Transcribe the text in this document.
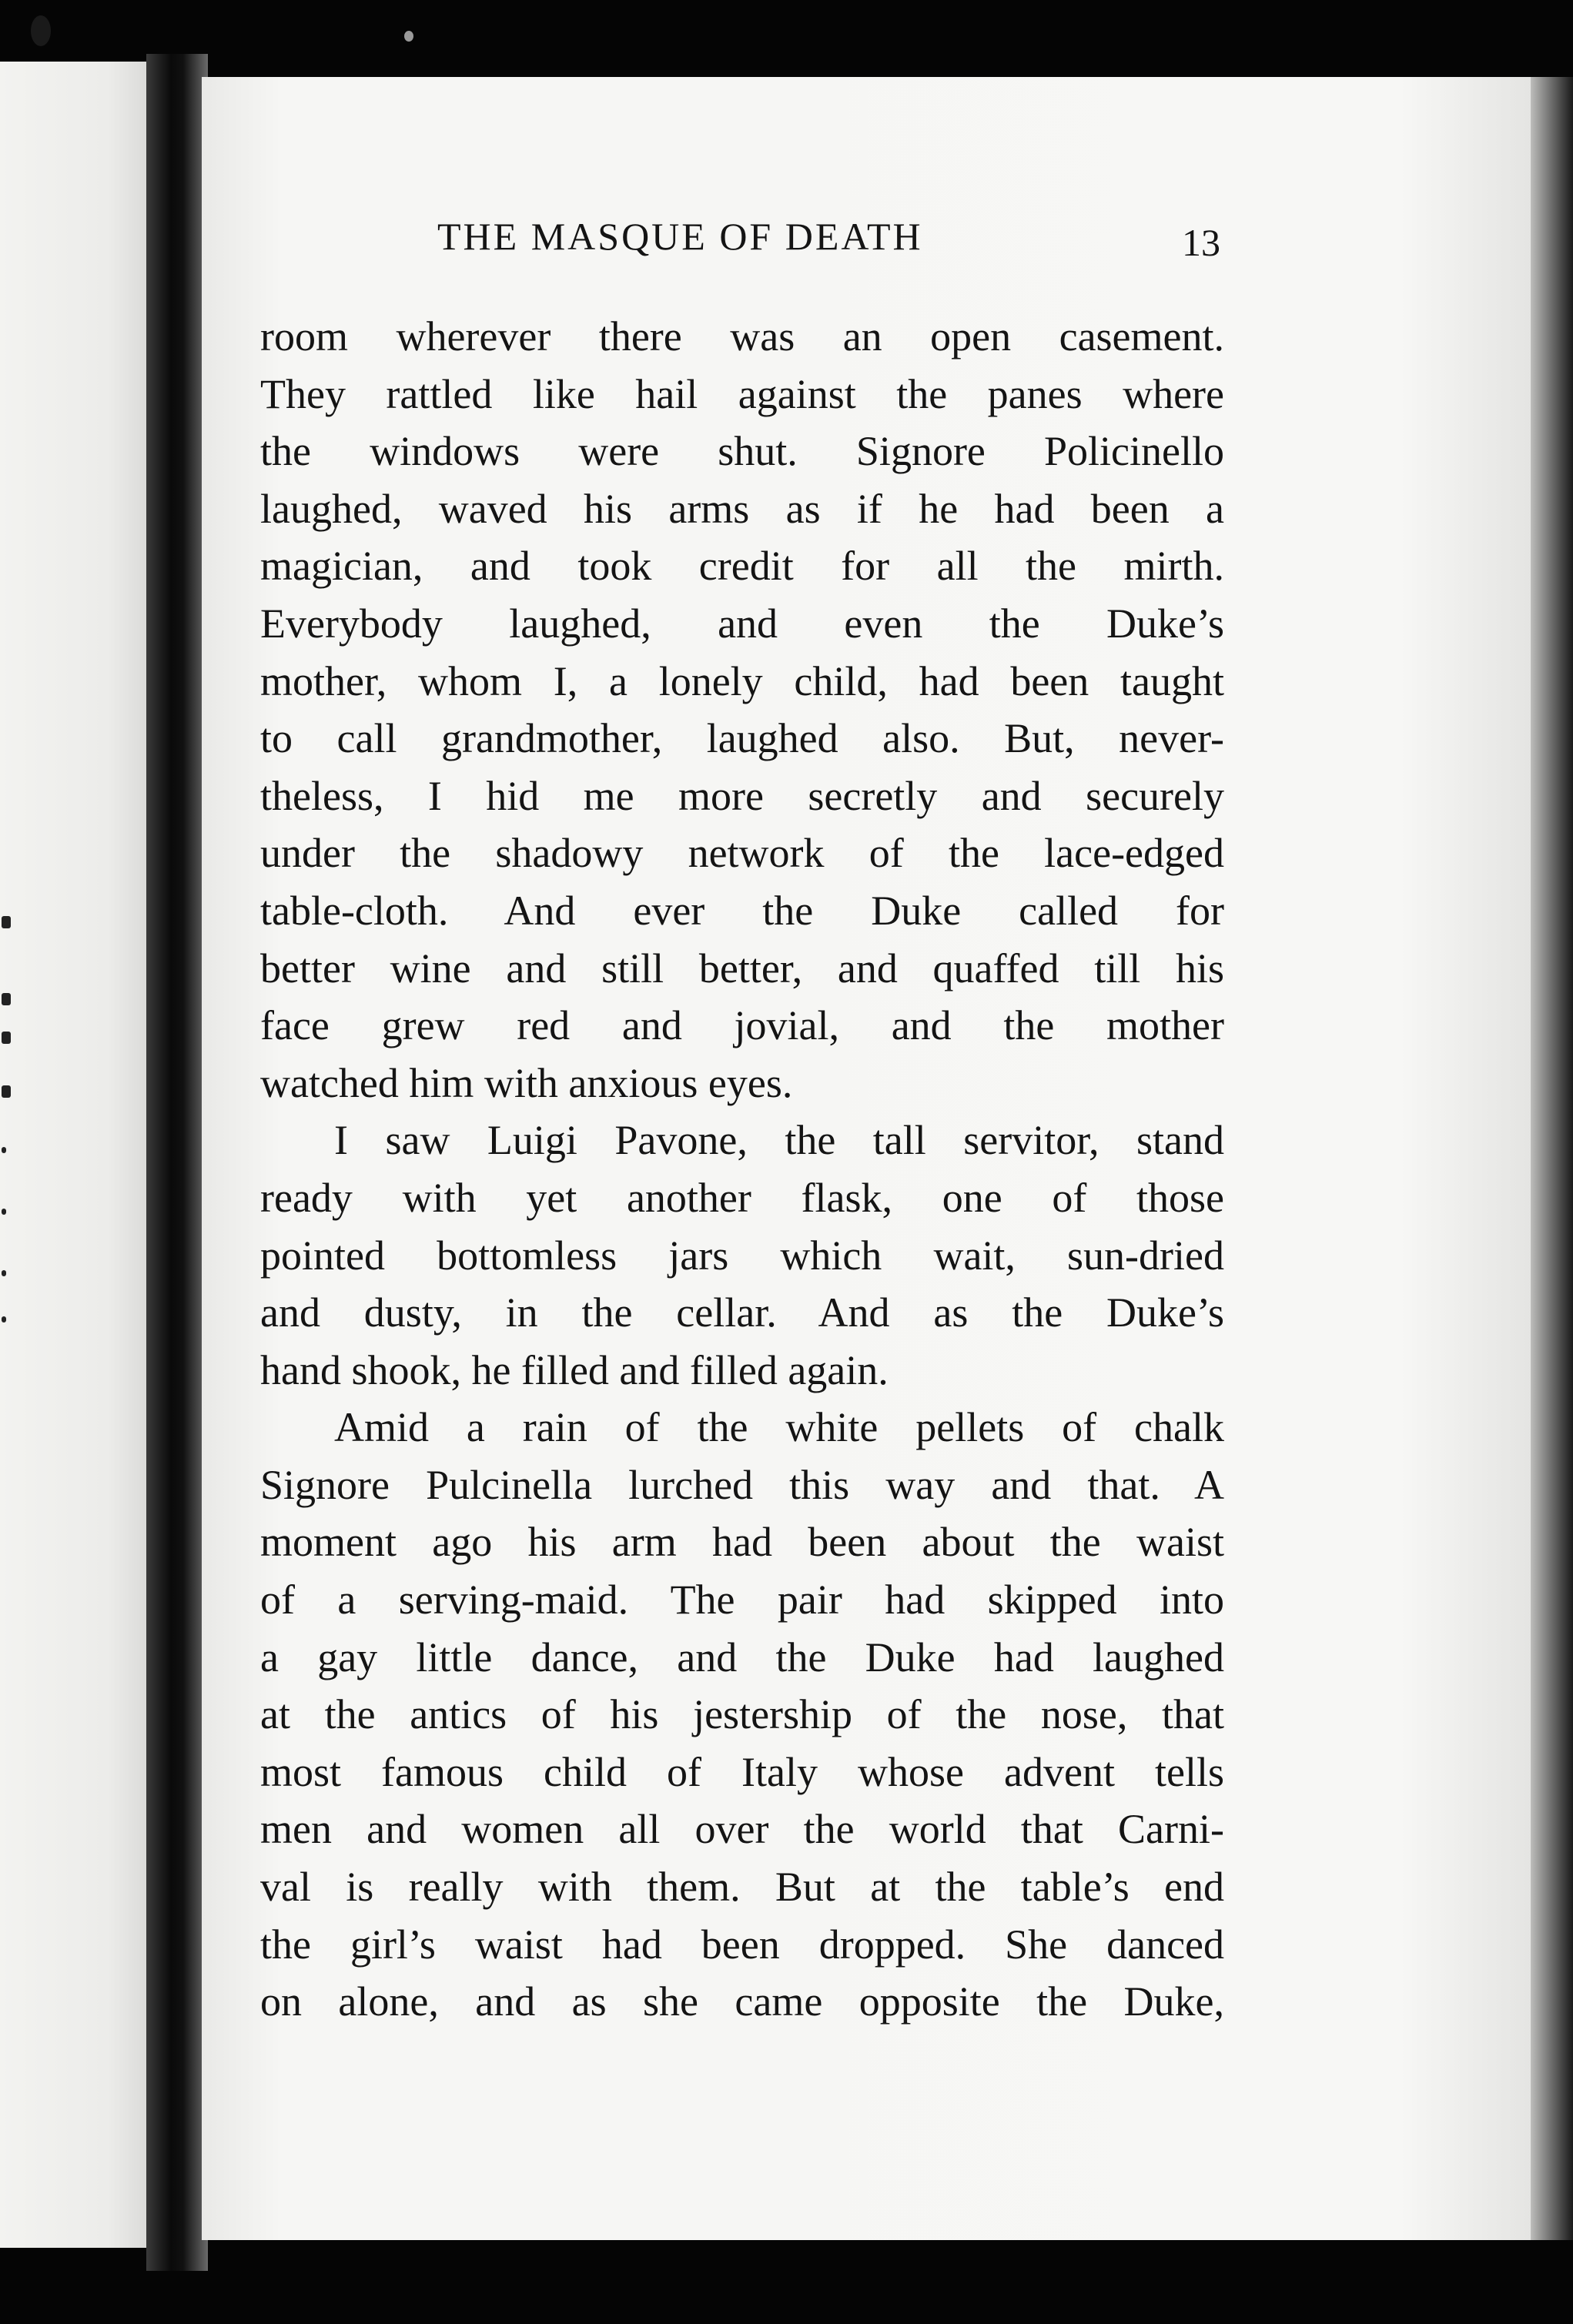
THE MASQUE OF DEATH	13
room wherever there was an open casement.
They rattled like hail against the panes where
the windows were shut. Signore Policinello
laughed, waved his arms as if he had been a
magician, and took credit for all the mirth.
Everybody laughed, and even the Duke’s
mother, whom I, a lonely child, had been taught
to call grandmother, laughed also. But, never-
theless, I hid me more secretly and securely
under the shadowy network of the lace-edged
table-cloth. And ever the Duke called for
better wine and still better, and quaffed till his
face grew red and jovial, and the mother
watched him with anxious eyes.
I saw Luigi Pavone, the tall servitor, stand
ready with yet another flask, one of those
pointed bottomless jars which wait, sun-dried
and dusty, in the cellar. And as the Duke’s
hand shook, he filled and filled again.
Amid a rain of the white pellets of chalk
Signore Pulcinella lurched this way and that. A
moment ago his arm had been about the waist
of a serving-maid. The pair had skipped into
a gay little dance, and the Duke had laughed
at the antics of his jestership of the nose, that
most famous child of Italy whose advent tells
men and women all over the world that Carni-
val is really with them. But at the table’s end
the girl’s waist had been dropped. She danced
on alone, and as she came opposite the Duke,
